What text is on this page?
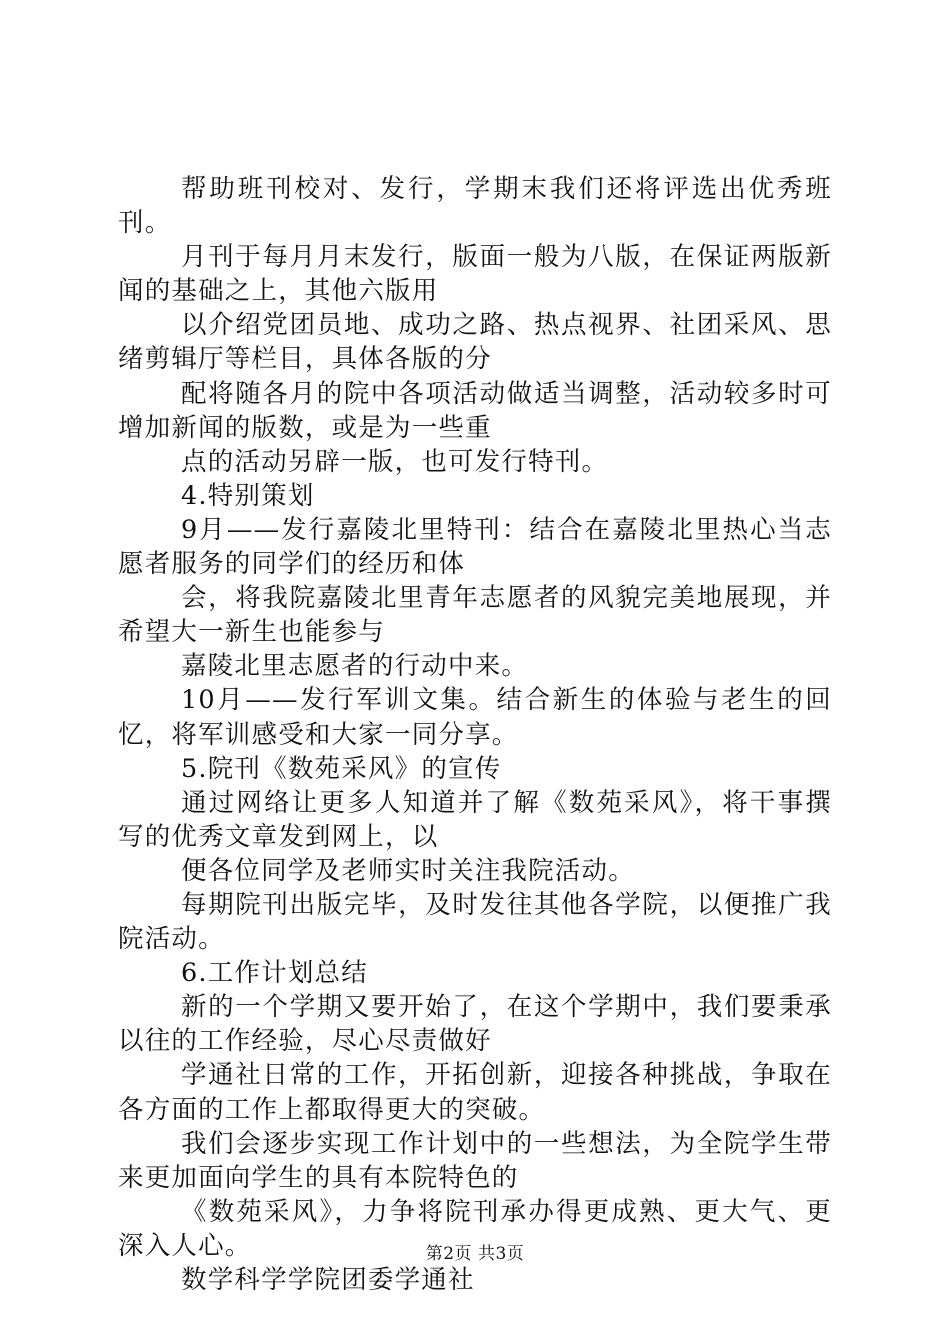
帮助班刊校对、发行，学期末我们还将评选出优秀班刊。

月刊于每月月末发行，版面一般为八版，在保证两版新闻的基础之上，其他六版用

以介绍党团员地、成功之路、热点视界、社团采风、思绪剪辑厅等栏目，具体各版的分

配将随各月的院中各项活动做适当调整，活动较多时可增加新闻的版数，或是为一些重

点的活动另辟一版，也可发行特刊。

4.特别策划

9月——发行嘉陵北里特刊：结合在嘉陵北里热心当志愿者服务的同学们的经历和体

会，将我院嘉陵北里青年志愿者的风貌完美地展现，并希望大一新生也能参与

嘉陵北里志愿者的行动中来。

10月——发行军训文集。结合新生的体验与老生的回忆，将军训感受和大家一同分享。

5.院刊《数苑采风》的宣传

通过网络让更多人知道并了解《数苑采风》，将干事撰写的优秀文章发到网上，以

便各位同学及老师实时关注我院活动。

每期院刊出版完毕，及时发往其他各学院，以便推广我院活动。

6.工作计划总结

新的一个学期又要开始了，在这个学期中，我们要秉承以往的工作经验，尽心尽责做好

学通社日常的工作，开拓创新，迎接各种挑战，争取在各方面的工作上都取得更大的突破。

我们会逐步实现工作计划中的一些想法，为全院学生带来更加面向学生的具有本院特色的

《数苑采风》，力争将院刊承办得更成熟、更大气、更深入人心。

数学科学学院团委学通社

第2页 共3页
